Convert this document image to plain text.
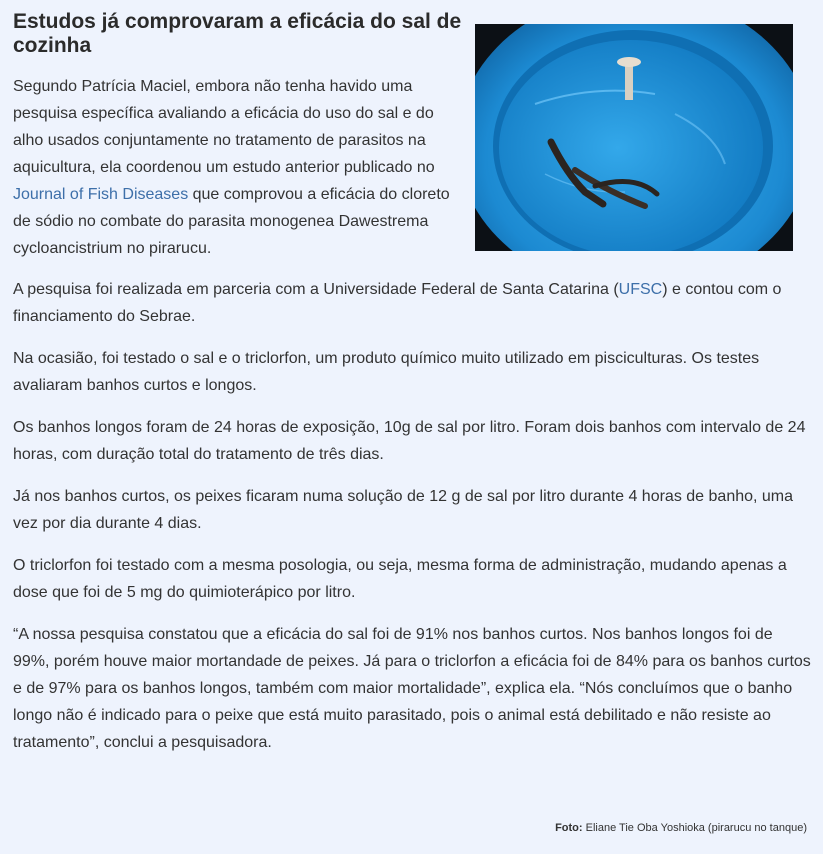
Estudos já comprovaram a eficácia do sal de cozinha

Segundo Patrícia Maciel, embora não tenha havido uma pesquisa específica avaliando a eficácia do uso do sal e do alho usados conjuntamente no tratamento de parasitos na aquicultura, ela coordenou um estudo anterior publicado no Journal of Fish Diseases que comprovou a eficácia do cloreto de sódio no combate do parasita monogenea Dawestrema cycloancistrium no pirarucu.

A pesquisa foi realizada em parceria com a Universidade Federal de Santa Catarina (UFSC) e contou com o financiamento do Sebrae.

Na ocasião, foi testado o sal e o triclorfon, um produto químico muito utilizado em pisciculturas. Os testes avaliaram banhos curtos e longos.

Os banhos longos foram de 24 horas de exposição, 10g de sal por litro. Foram dois banhos com intervalo de 24 horas, com duração total do tratamento de três dias.

Já nos banhos curtos, os peixes ficaram numa solução de 12 g de sal por litro durante 4 horas de banho, uma vez por dia durante 4 dias.

O triclorfon foi testado com a mesma posologia, ou seja, mesma forma de administração, mudando apenas a dose que foi de 5 mg do quimioterápico por litro.

“A nossa pesquisa constatou que a eficácia do sal foi de 91% nos banhos curtos. Nos banhos longos foi de 99%, porém houve maior mortandade de peixes. Já para o triclorfon a eficácia foi de 84% para os banhos curtos e de 97% para os banhos longos, também com maior mortalidade”, explica ela. “Nós concluímos que o banho longo não é indicado para o peixe que está muito parasitado, pois o animal está debilitado e não resiste ao tratamento”, conclui a pesquisadora.

Foto: Eliane Tie Oba Yoshioka (pirarucu no tanque)
